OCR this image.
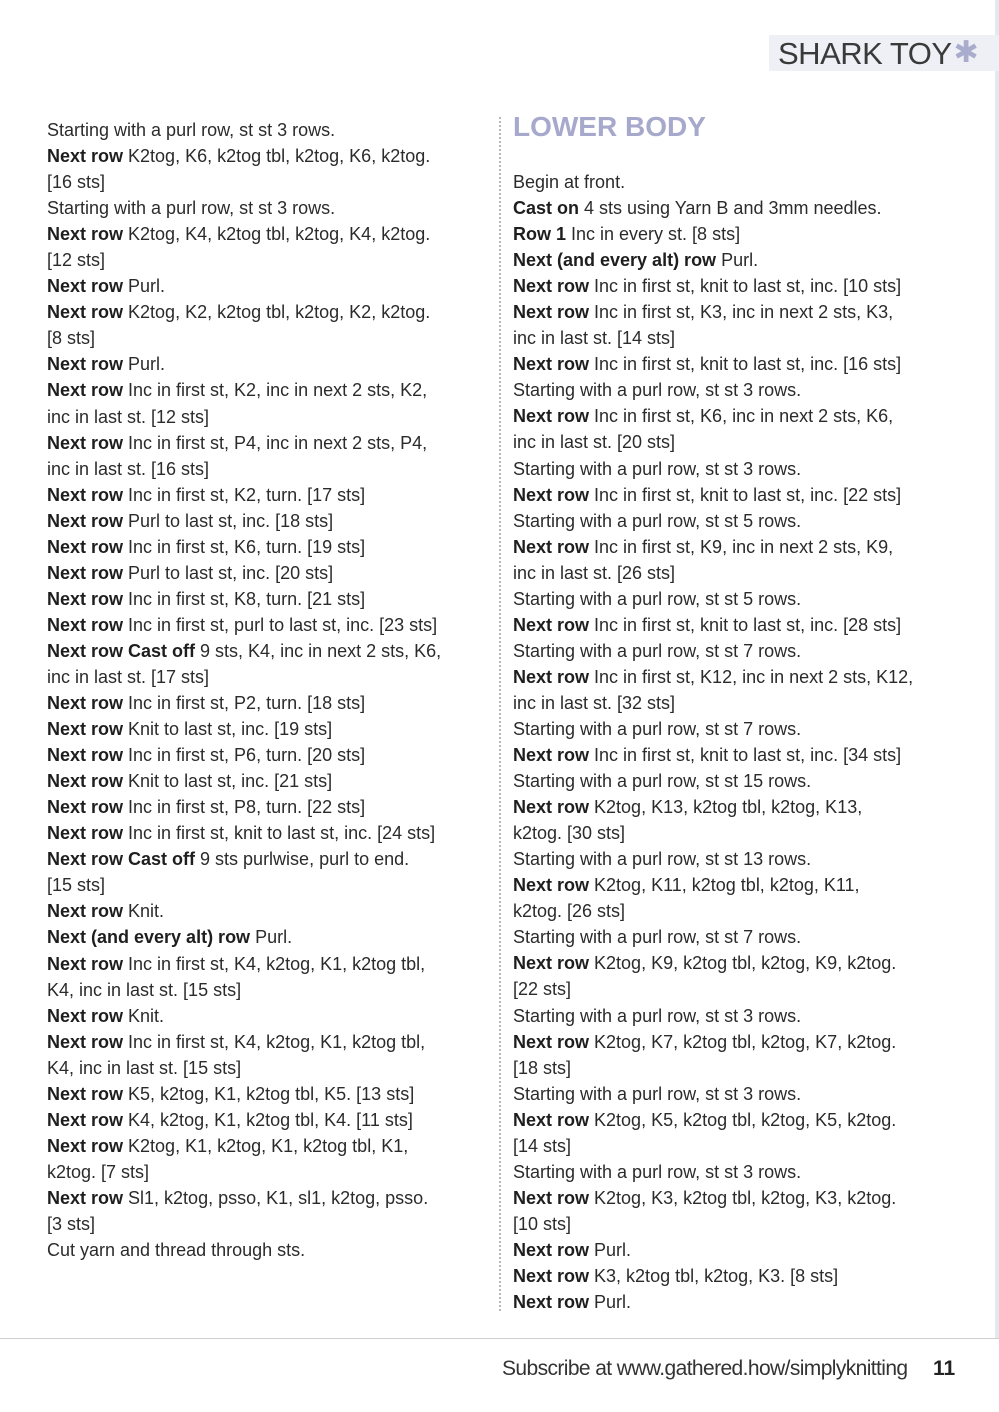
SHARK TOY ✱
Starting with a purl row, st st 3 rows.
Next row K2tog, K6, k2tog tbl, k2tog, K6, k2tog.
[16 sts]
Starting with a purl row, st st 3 rows.
Next row K2tog, K4, k2tog tbl, k2tog, K4, k2tog.
[12 sts]
Next row Purl.
Next row K2tog, K2, k2tog tbl, k2tog, K2, k2tog.
[8 sts]
Next row Purl.
Next row Inc in first st, K2, inc in next 2 sts, K2,
inc in last st. [12 sts]
Next row Inc in first st, P4, inc in next 2 sts, P4,
inc in last st. [16 sts]
Next row Inc in first st, K2, turn. [17 sts]
Next row Purl to last st, inc. [18 sts]
Next row Inc in first st, K6, turn. [19 sts]
Next row Purl to last st, inc. [20 sts]
Next row Inc in first st, K8, turn. [21 sts]
Next row Inc in first st, purl to last st, inc. [23 sts]
Next row Cast off 9 sts, K4, inc in next 2 sts, K6,
inc in last st. [17 sts]
Next row Inc in first st, P2, turn. [18 sts]
Next row Knit to last st, inc. [19 sts]
Next row Inc in first st, P6, turn. [20 sts]
Next row Knit to last st, inc. [21 sts]
Next row Inc in first st, P8, turn. [22 sts]
Next row Inc in first st, knit to last st, inc. [24 sts]
Next row Cast off 9 sts purlwise, purl to end.
[15 sts]
Next row Knit.
Next (and every alt) row Purl.
Next row Inc in first st, K4, k2tog, K1, k2tog tbl,
K4, inc in last st. [15 sts]
Next row Knit.
Next row Inc in first st, K4, k2tog, K1, k2tog tbl,
K4, inc in last st. [15 sts]
Next row K5, k2tog, K1, k2tog tbl, K5. [13 sts]
Next row K4, k2tog, K1, k2tog tbl, K4. [11 sts]
Next row K2tog, K1, k2tog, K1, k2tog tbl, K1,
k2tog. [7 sts]
Next row Sl1, k2tog, psso, K1, sl1, k2tog, psso.
[3 sts]
Cut yarn and thread through sts.
LOWER BODY
Begin at front.
Cast on 4 sts using Yarn B and 3mm needles.
Row 1 Inc in every st. [8 sts]
Next (and every alt) row Purl.
Next row Inc in first st, knit to last st, inc. [10 sts]
Next row Inc in first st, K3, inc in next 2 sts, K3,
inc in last st. [14 sts]
Next row Inc in first st, knit to last st, inc. [16 sts]
Starting with a purl row, st st 3 rows.
Next row Inc in first st, K6, inc in next 2 sts, K6,
inc in last st. [20 sts]
Starting with a purl row, st st 3 rows.
Next row Inc in first st, knit to last st, inc. [22 sts]
Starting with a purl row, st st 5 rows.
Next row Inc in first st, K9, inc in next 2 sts, K9,
inc in last st. [26 sts]
Starting with a purl row, st st 5 rows.
Next row Inc in first st, knit to last st, inc. [28 sts]
Starting with a purl row, st st 7 rows.
Next row Inc in first st, K12, inc in next 2 sts, K12,
inc in last st. [32 sts]
Starting with a purl row, st st 7 rows.
Next row Inc in first st, knit to last st, inc. [34 sts]
Starting with a purl row, st st 15 rows.
Next row K2tog, K13, k2tog tbl, k2tog, K13,
k2tog. [30 sts]
Starting with a purl row, st st 13 rows.
Next row K2tog, K11, k2tog tbl, k2tog, K11,
k2tog. [26 sts]
Starting with a purl row, st st 7 rows.
Next row K2tog, K9, k2tog tbl, k2tog, K9, k2tog.
[22 sts]
Starting with a purl row, st st 3 rows.
Next row K2tog, K7, k2tog tbl, k2tog, K7, k2tog.
[18 sts]
Starting with a purl row, st st 3 rows.
Next row K2tog, K5, k2tog tbl, k2tog, K5, k2tog.
[14 sts]
Starting with a purl row, st st 3 rows.
Next row K2tog, K3, k2tog tbl, k2tog, K3, k2tog.
[10 sts]
Next row Purl.
Next row K3, k2tog tbl, k2tog, K3. [8 sts]
Next row Purl.
Subscribe at www.gathered.how/simplyknitting 11
